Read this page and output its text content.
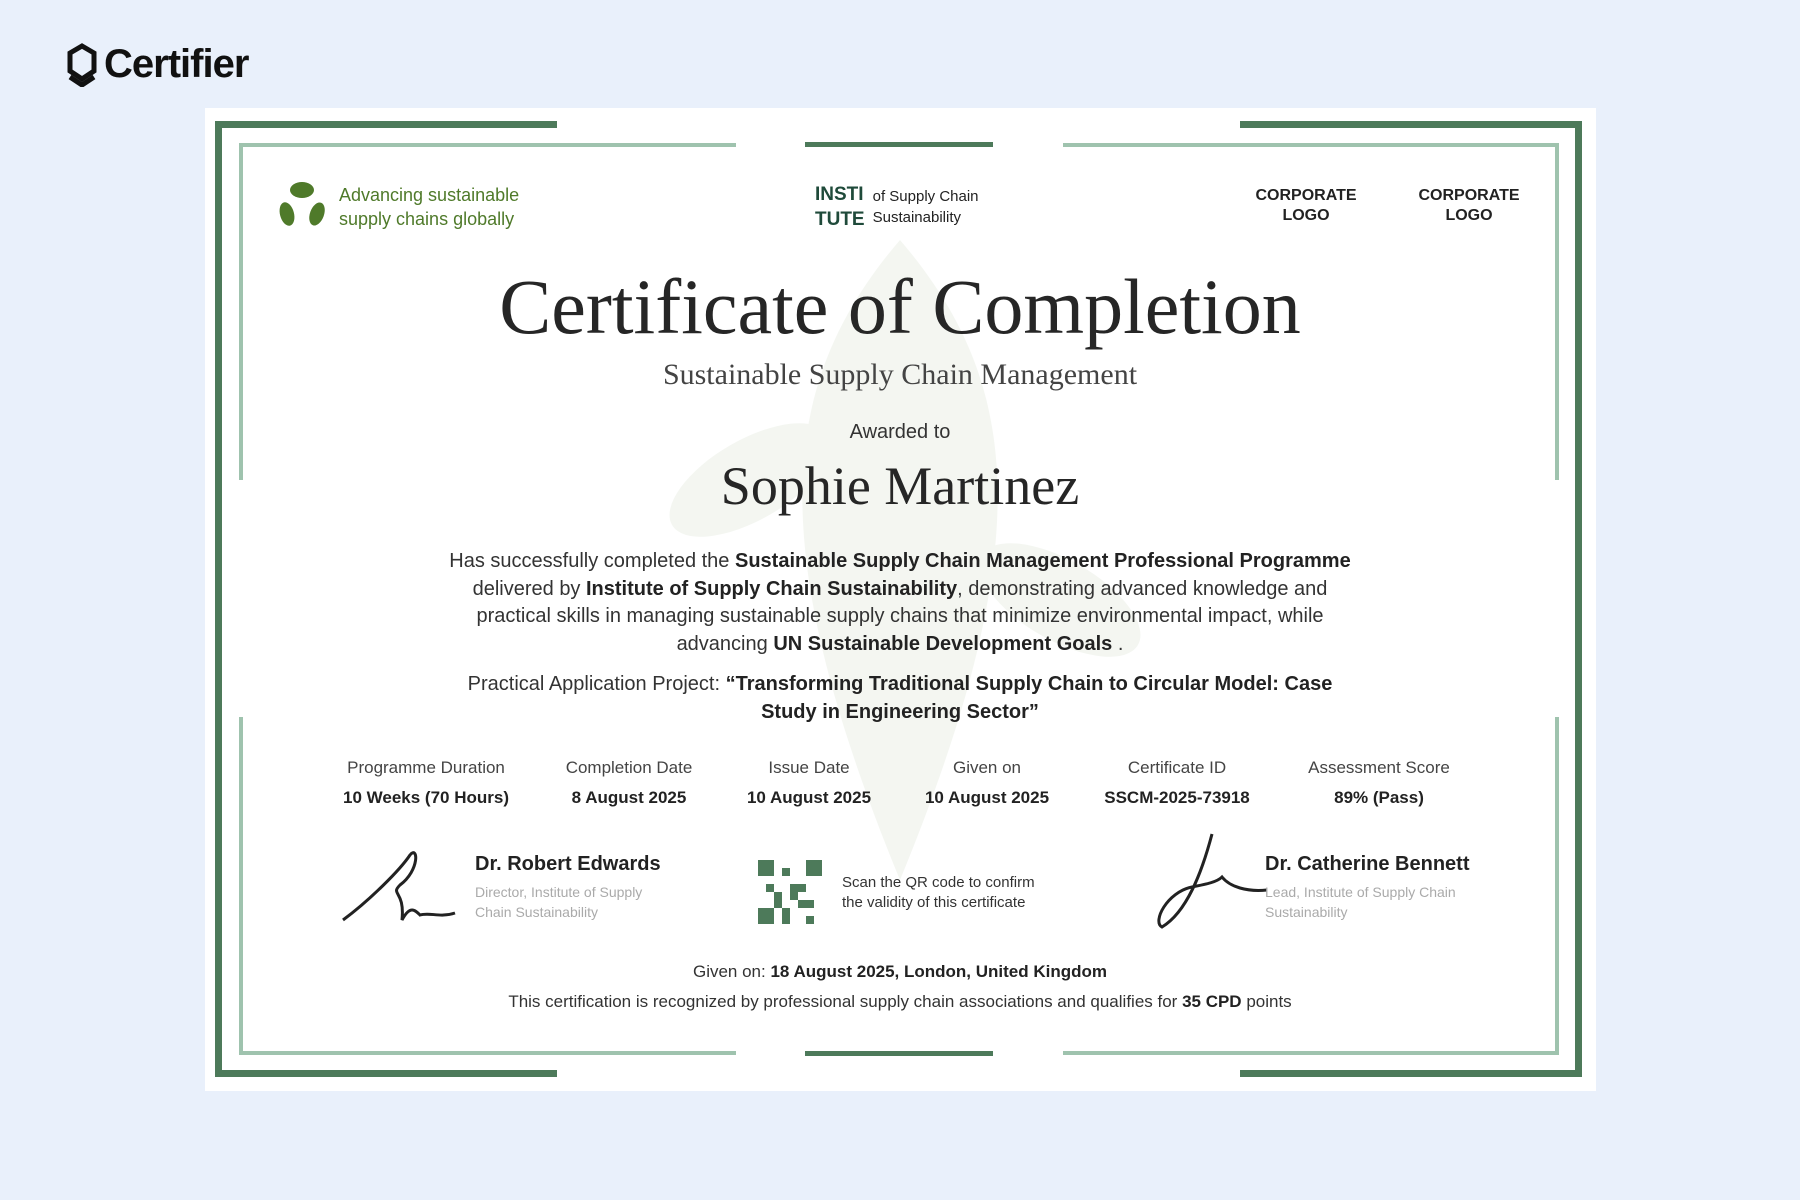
Certifier
Advancing sustainable
supply chains globally
INSTI
TUTE
of Supply Chain
Sustainability
CORPORATE LOGO
CORPORATE LOGO
Certificate of Completion
Sustainable Supply Chain Management
Awarded to
Sophie Martinez
Has successfully completed the Sustainable Supply Chain Management Professional Programme delivered by Institute of Supply Chain Sustainability, demonstrating advanced knowledge and practical skills in managing sustainable supply chains that minimize environmental impact, while advancing UN Sustainable Development Goals .
Practical Application Project: “Transforming Traditional Supply Chain to Circular Model: Case Study in Engineering Sector”
Programme Duration
10 Weeks (70 Hours)
Completion Date
8 August 2025
Issue Date
10 August 2025
Given on
10 August 2025
Certificate ID
SSCM-2025-73918
Assessment Score
89% (Pass)
Dr. Robert Edwards
Director, Institute of Supply Chain Sustainability
Scan the QR code to confirm
the validity of this certificate
Dr. Catherine Bennett
Lead, Institute of Supply Chain Sustainability
Given on: 18 August 2025, London, United Kingdom
This certification is recognized by professional supply chain associations and qualifies for 35 CPD points
